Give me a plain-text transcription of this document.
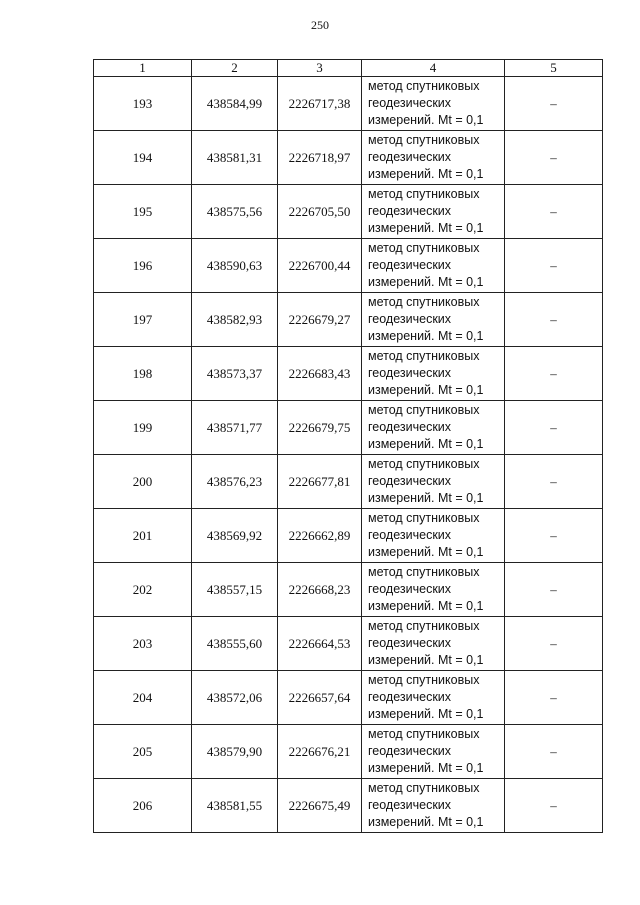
250
1	2	3	4	5
193	438584,99	2226717,38	метод спутниковых
геодезических
измерений. Mt = 0,1	–
194	438581,31	2226718,97	метод спутниковых
геодезических
измерений. Mt = 0,1	–
195	438575,56	2226705,50	метод спутниковых
геодезических
измерений. Mt = 0,1	–
196	438590,63	2226700,44	метод спутниковых
геодезических
измерений. Mt = 0,1	–
197	438582,93	2226679,27	метод спутниковых
геодезических
измерений. Mt = 0,1	–
198	438573,37	2226683,43	метод спутниковых
геодезических
измерений. Mt = 0,1	–
199	438571,77	2226679,75	метод спутниковых
геодезических
измерений. Mt = 0,1	–
200	438576,23	2226677,81	метод спутниковых
геодезических
измерений. Mt = 0,1	–
201	438569,92	2226662,89	метод спутниковых
геодезических
измерений. Mt = 0,1	–
202	438557,15	2226668,23	метод спутниковых
геодезических
измерений. Mt = 0,1	–
203	438555,60	2226664,53	метод спутниковых
геодезических
измерений. Mt = 0,1	–
204	438572,06	2226657,64	метод спутниковых
геодезических
измерений. Mt = 0,1	–
205	438579,90	2226676,21	метод спутниковых
геодезических
измерений. Mt = 0,1	–
206	438581,55	2226675,49	метод спутниковых
геодезических
измерений. Mt = 0,1	–
